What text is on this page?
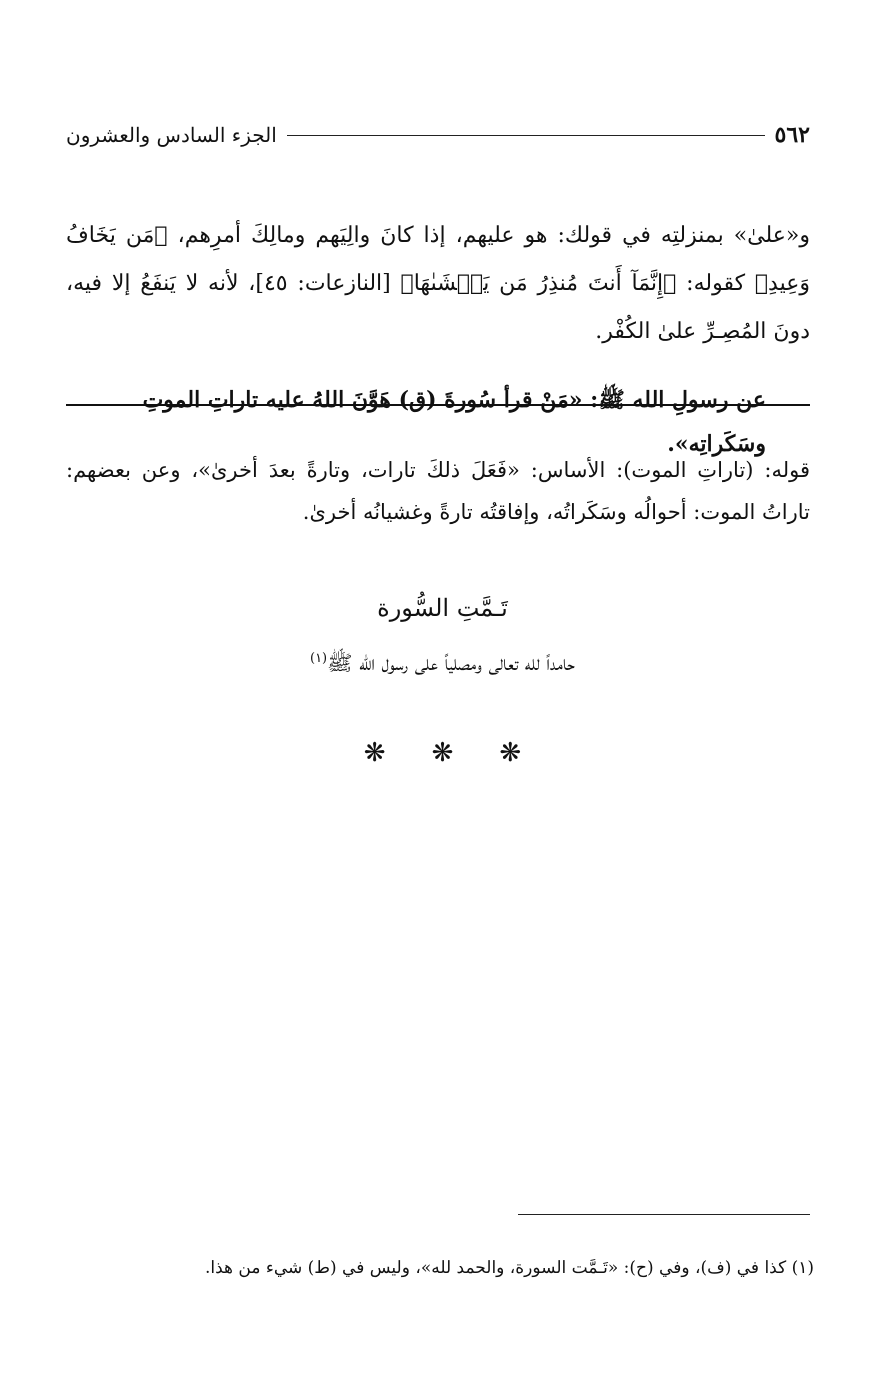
٥٦٢
الجزء السادس والعشرون

و«علىٰ» بمنزلتِه في قولك: هو عليهم، إذا كانَ والِيَهم ومالِكَ أمرِهم، ﴿مَن يَخَافُ وَعِيدِ﴾ كقوله: ﴿إِنَّمَآ أَنتَ مُنذِرُ مَن يَخۡشَىٰهَا﴾ [النازعات: ٤٥]، لأنه لا يَنفَعُ إلا فيه، دونَ المُصِـرِّ علىٰ الكُفْر.

عن رسولِ الله ﷺ: «مَنْ قرأ سُورةَ (ق) هَوَّنَ اللهُ عليه تاراتِ الموتِ وسَكَراتِه».

قوله: (تاراتِ الموت): الأساس: «فَعَلَ ذلكَ تارات، وتارةً بعدَ أخرىٰ»، وعن بعضهم: تاراتُ الموت: أحوالُه وسَكَراتُه، وإفاقتُه تارةً وغشيانُه أخرىٰ.

تَـمَّتِ السُّورة
حامداً لله تعالى ومصلياً على رسول الله ﷺ$^{(١)}$
❋ ❋ ❋

(١) كذا في (ف)، وفي (ح): «تَـمَّت السورة، والحمد لله»، وليس في (ط) شيء من هذا.
